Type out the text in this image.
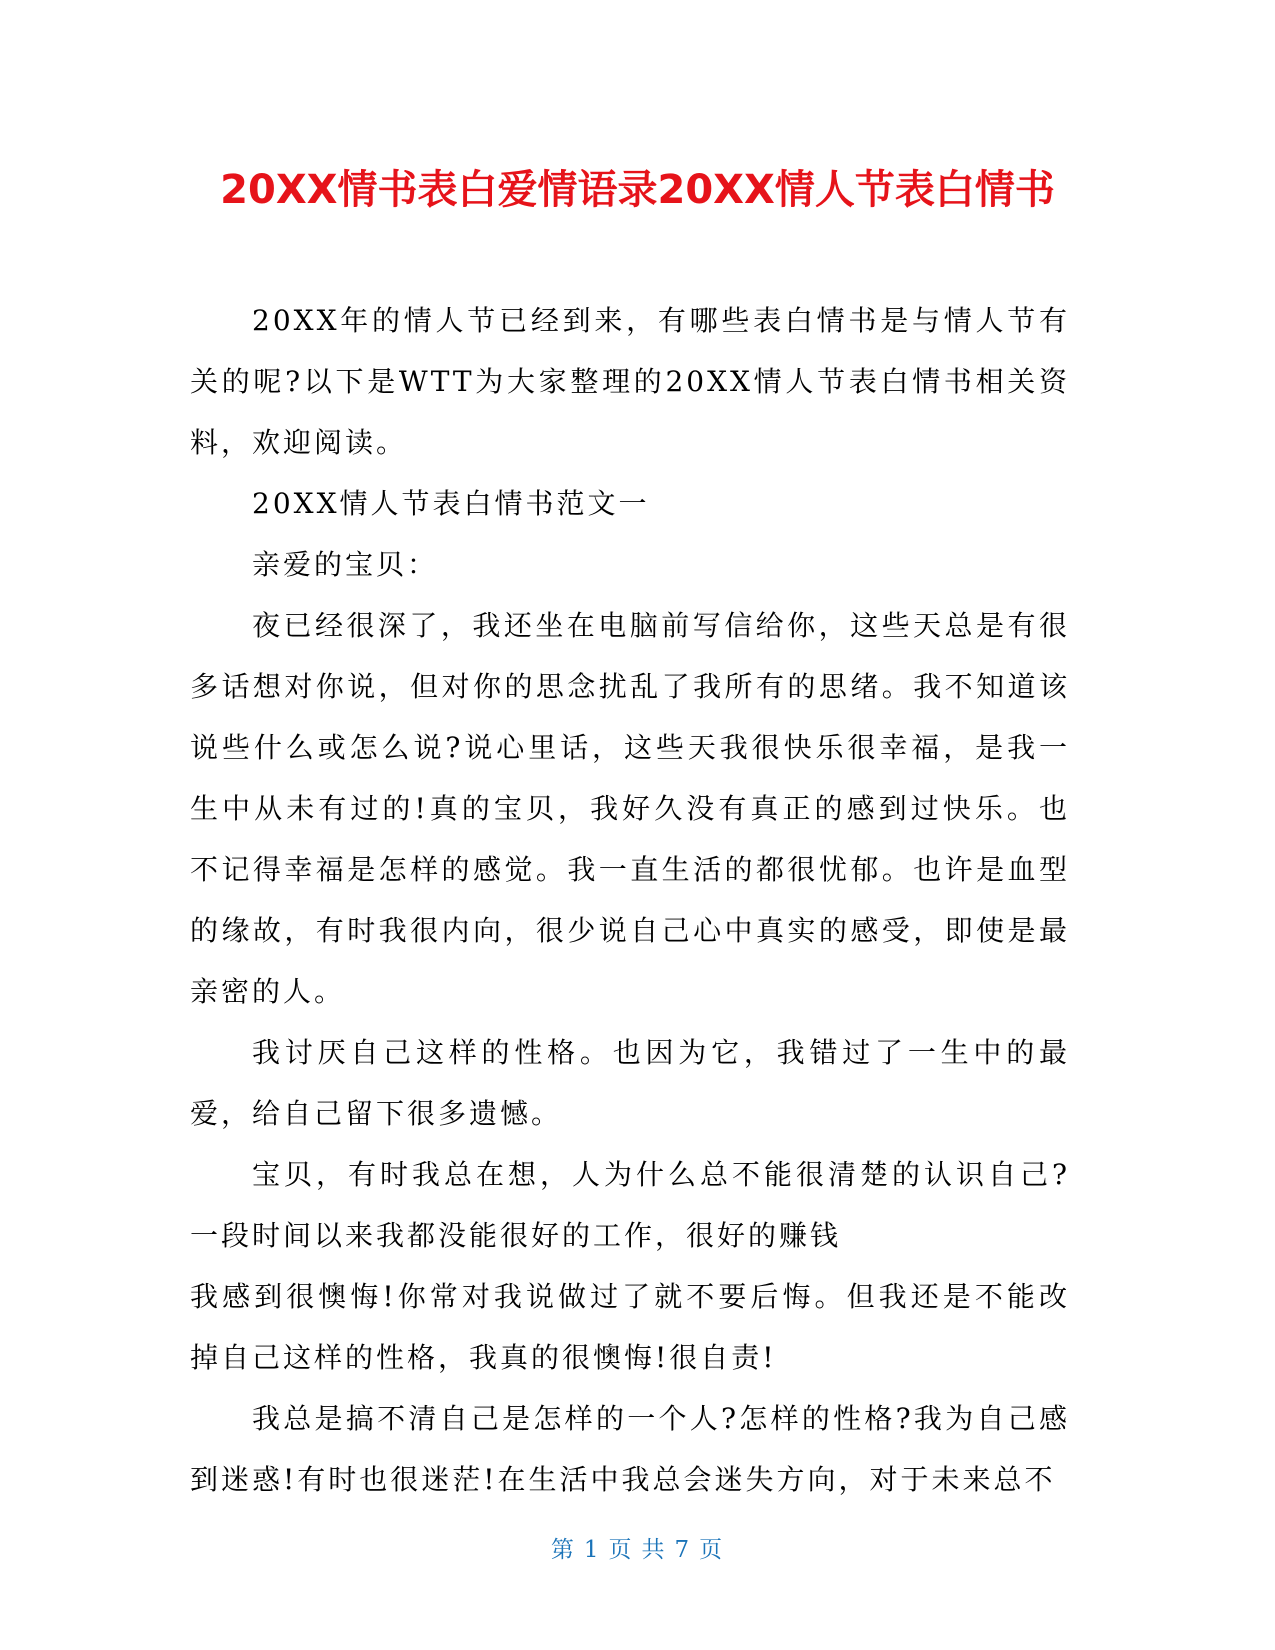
20XX情书表白爱情语录20XX情人节表白情书

20XX年的情人节已经到来，有哪些表白情书是与情人节有关的呢?以下是WTT为大家整理的20XX情人节表白情书相关资料，欢迎阅读。

20XX情人节表白情书范文一

亲爱的宝贝：

夜已经很深了，我还坐在电脑前写信给你，这些天总是有很多话想对你说，但对你的思念扰乱了我所有的思绪。我不知道该说些什么或怎么说?说心里话，这些天我很快乐很幸福，是我一生中从未有过的!真的宝贝，我好久没有真正的感到过快乐。也不记得幸福是怎样的感觉。我一直生活的都很忧郁。也许是血型的缘故，有时我很内向，很少说自己心中真实的感受，即使是最亲密的人。

我讨厌自己这样的性格。也因为它，我错过了一生中的最爱，给自己留下很多遗憾。

宝贝，有时我总在想，人为什么总不能很清楚的认识自己?一段时间以来我都没能很好的工作，很好的赚钱

我感到很懊悔!你常对我说做过了就不要后悔。但我还是不能改掉自己这样的性格，我真的很懊悔!很自责!

我总是搞不清自己是怎样的一个人?怎样的性格?我为自己感到迷惑!有时也很迷茫!在生活中我总会迷失方向，对于未来总不

第 1 页 共 7 页
